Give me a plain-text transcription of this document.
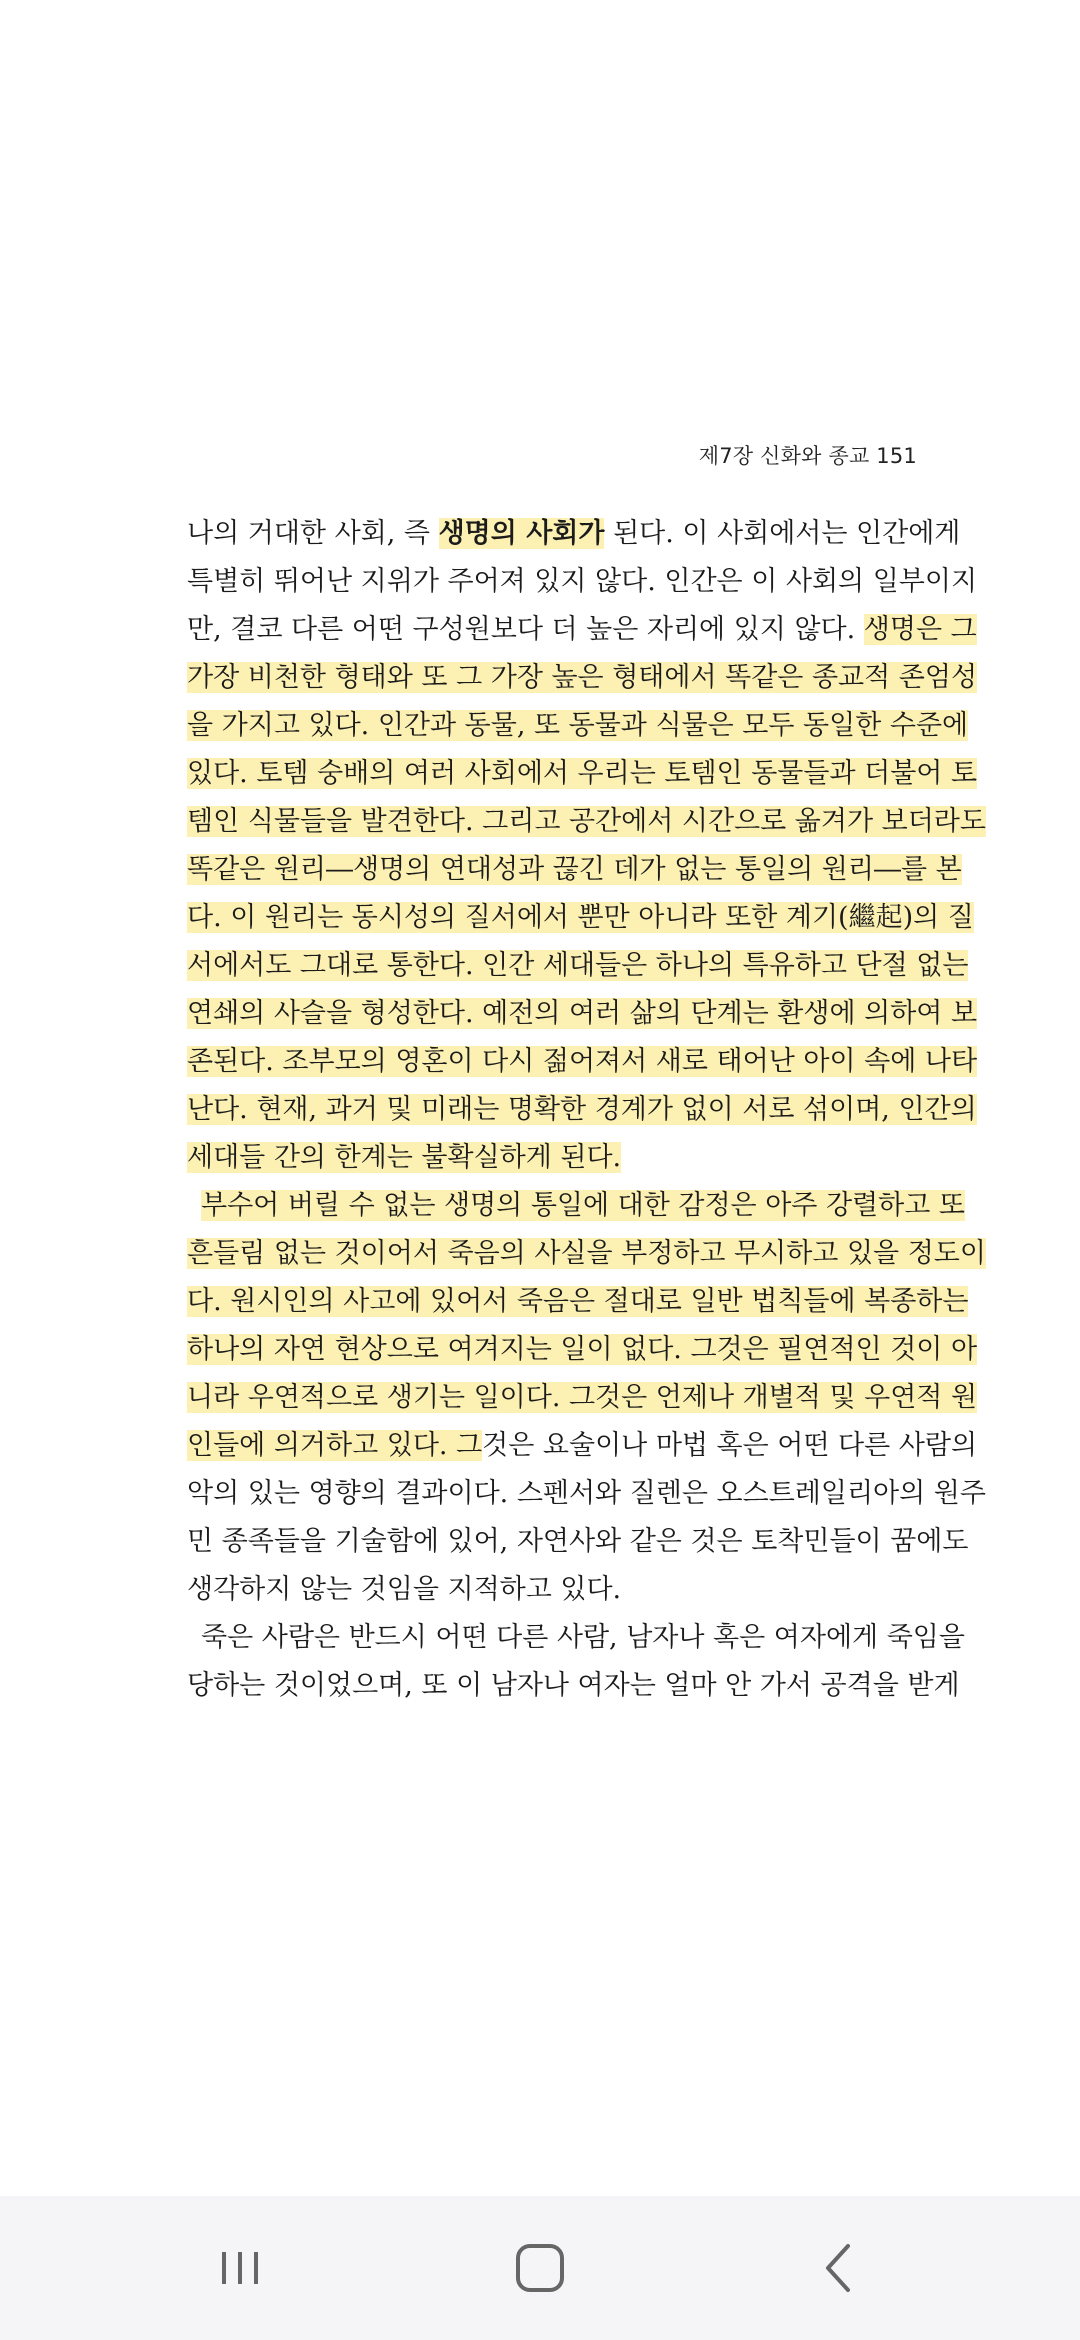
제7장 신화와 종교 151
나의 거대한 사회, 즉 생명의 사회가 된다. 이 사회에서는 인간에게
특별히 뛰어난 지위가 주어져 있지 않다. 인간은 이 사회의 일부이지
만, 결코 다른 어떤 구성원보다 더 높은 자리에 있지 않다. 생명은 그
가장 비천한 형태와 또 그 가장 높은 형태에서 똑같은 종교적 존엄성
을 가지고 있다. 인간과 동물, 또 동물과 식물은 모두 동일한 수준에
있다. 토템 숭배의 여러 사회에서 우리는 토템인 동물들과 더불어 토
템인 식물들을 발견한다. 그리고 공간에서 시간으로 옮겨가 보더라도
똑같은 원리―생명의 연대성과 끊긴 데가 없는 통일의 원리―를 본
다. 이 원리는 동시성의 질서에서 뿐만 아니라 또한 계기(繼起)의 질
서에서도 그대로 통한다. 인간 세대들은 하나의 특유하고 단절 없는
연쇄의 사슬을 형성한다. 예전의 여러 삶의 단계는 환생에 의하여 보
존된다. 조부모의 영혼이 다시 젊어져서 새로 태어난 아이 속에 나타
난다. 현재, 과거 및 미래는 명확한 경계가 없이 서로 섞이며, 인간의
세대들 간의 한계는 불확실하게 된다.
부수어 버릴 수 없는 생명의 통일에 대한 감정은 아주 강렬하고 또
흔들림 없는 것이어서 죽음의 사실을 부정하고 무시하고 있을 정도이
다. 원시인의 사고에 있어서 죽음은 절대로 일반 법칙들에 복종하는
하나의 자연 현상으로 여겨지는 일이 없다. 그것은 필연적인 것이 아
니라 우연적으로 생기는 일이다. 그것은 언제나 개별적 및 우연적 원
인들에 의거하고 있다. 그것은 요술이나 마법 혹은 어떤 다른 사람의
악의 있는 영향의 결과이다. 스펜서와 질렌은 오스트레일리아의 원주
민 종족들을 기술함에 있어, 자연사와 같은 것은 토착민들이 꿈에도
생각하지 않는 것임을 지적하고 있다.
죽은 사람은 반드시 어떤 다른 사람, 남자나 혹은 여자에게 죽임을
당하는 것이었으며, 또 이 남자나 여자는 얼마 안 가서 공격을 받게
